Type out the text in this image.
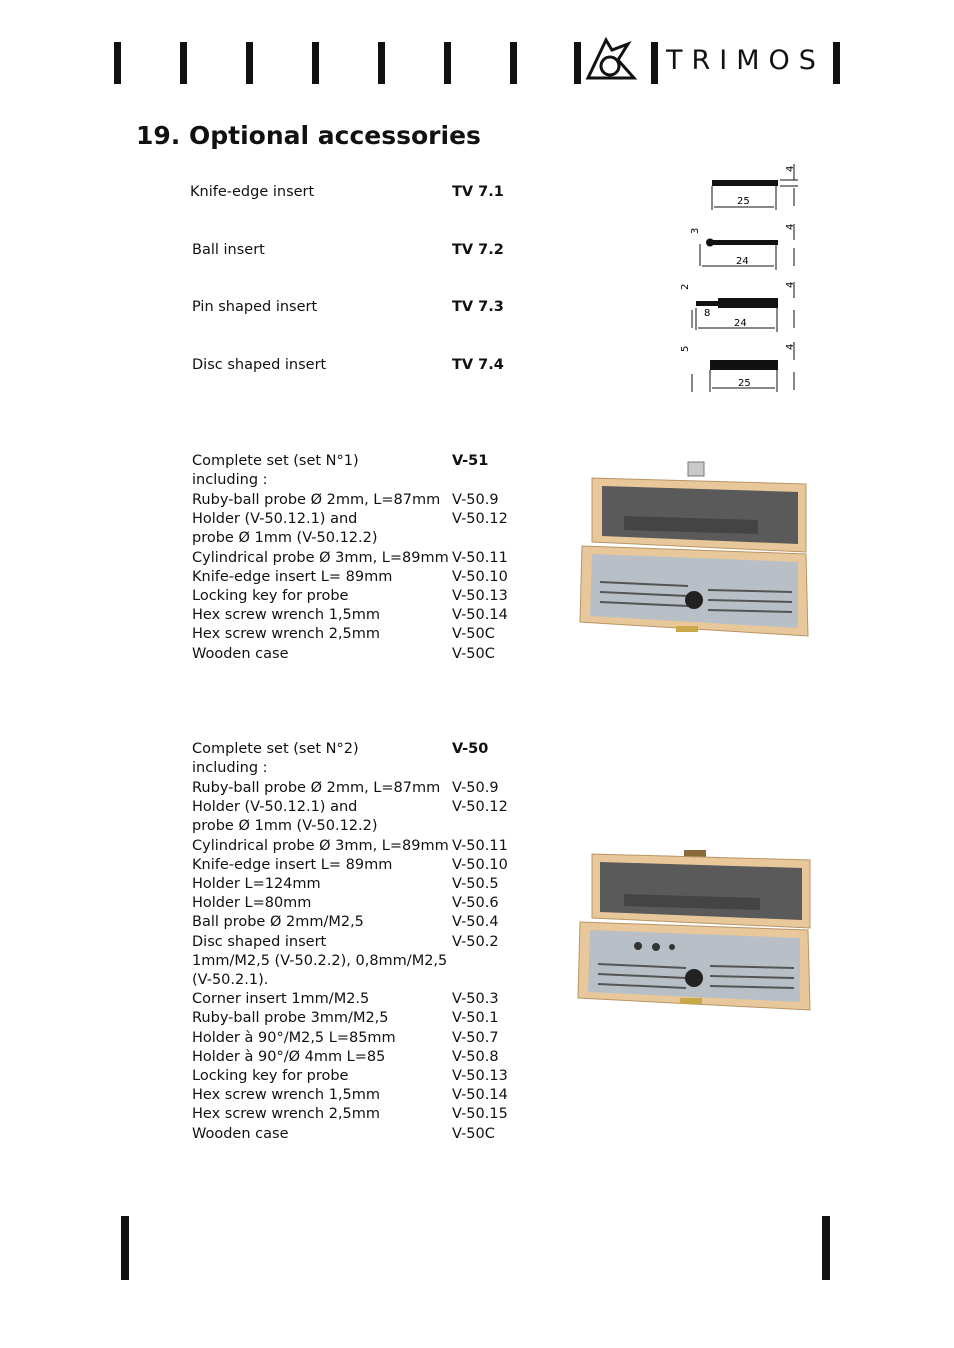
TRIMOS
19. Optional accessories
Knife-edge insert	TV 7.1
Ball insert	TV 7.2
Pin shaped insert	TV 7.3
Disc shaped insert	TV 7.4
25
4
24
3
4
24
8
2	4
25
5	4
Complete set (set N°1)	V-51
including :
Ruby-ball probe Ø 2mm, L=87mm V-50.9
Holder (V-50.12.1) and	V-50.12
probe Ø 1mm (V-50.12.2)
Cylindrical probe Ø 3mm, L=89mm V-50.11
Knife-edge insert L= 89mm	V-50.10
Locking key for probe	V-50.13
Hex screw wrench 1,5mm	V-50.14
Hex screw wrench 2,5mm	V-50C
Wooden case	V-50C
Complete set (set N°2)	V-50
including :
Ruby-ball probe Ø 2mm, L=87mm V-50.9
Holder (V-50.12.1) and	V-50.12
probe Ø 1mm (V-50.12.2)
Cylindrical probe Ø 3mm, L=89mm V-50.11
Knife-edge insert L= 89mm	V-50.10
Holder L=124mm	V-50.5
Holder L=80mm	V-50.6
Ball probe Ø 2mm/M2,5	V-50.4
Disc shaped insert	V-50.2
1mm/M2,5 (V-50.2.2), 0,8mm/M2,5
(V-50.2.1).
Corner insert 1mm/M2.5	V-50.3
Ruby-ball probe 3mm/M2,5	V-50.1
Holder à 90°/M2,5 L=85mm	V-50.7
Holder à 90°/Ø 4mm L=85	V-50.8
Locking key for probe	V-50.13
Hex screw wrench 1,5mm	V-50.14
Hex screw wrench 2,5mm	V-50.15
Wooden case	V-50C
